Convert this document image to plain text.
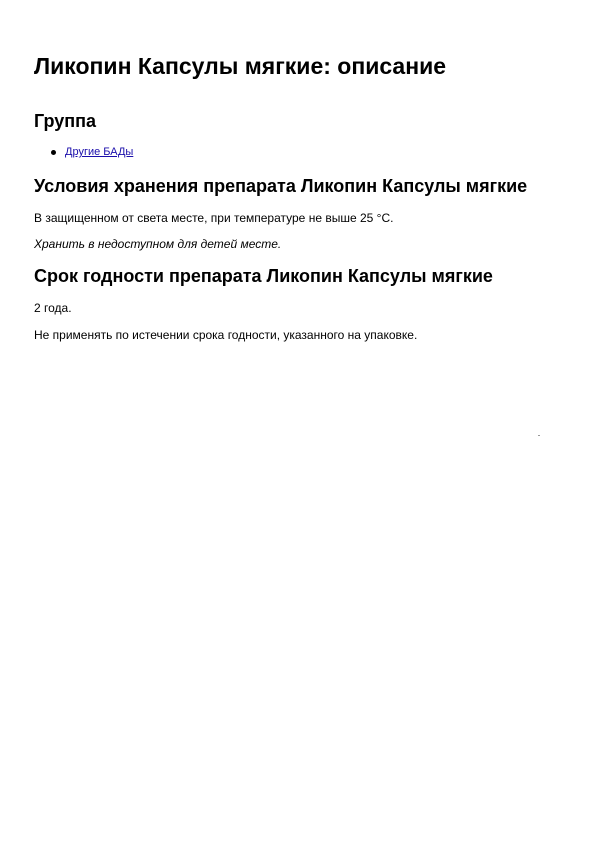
Ликопин Капсулы мягкие: описание
Группа
Другие БАДы
Условия хранения препарата Ликопин Капсулы мягкие

В защищенном от света месте, при температуре не выше 25 °C.

Хранить в недоступном для детей месте.

Срок годности препарата Ликопин Капсулы мягкие

2 года.

Не применять по истечении срока годности, указанного на упаковке.
